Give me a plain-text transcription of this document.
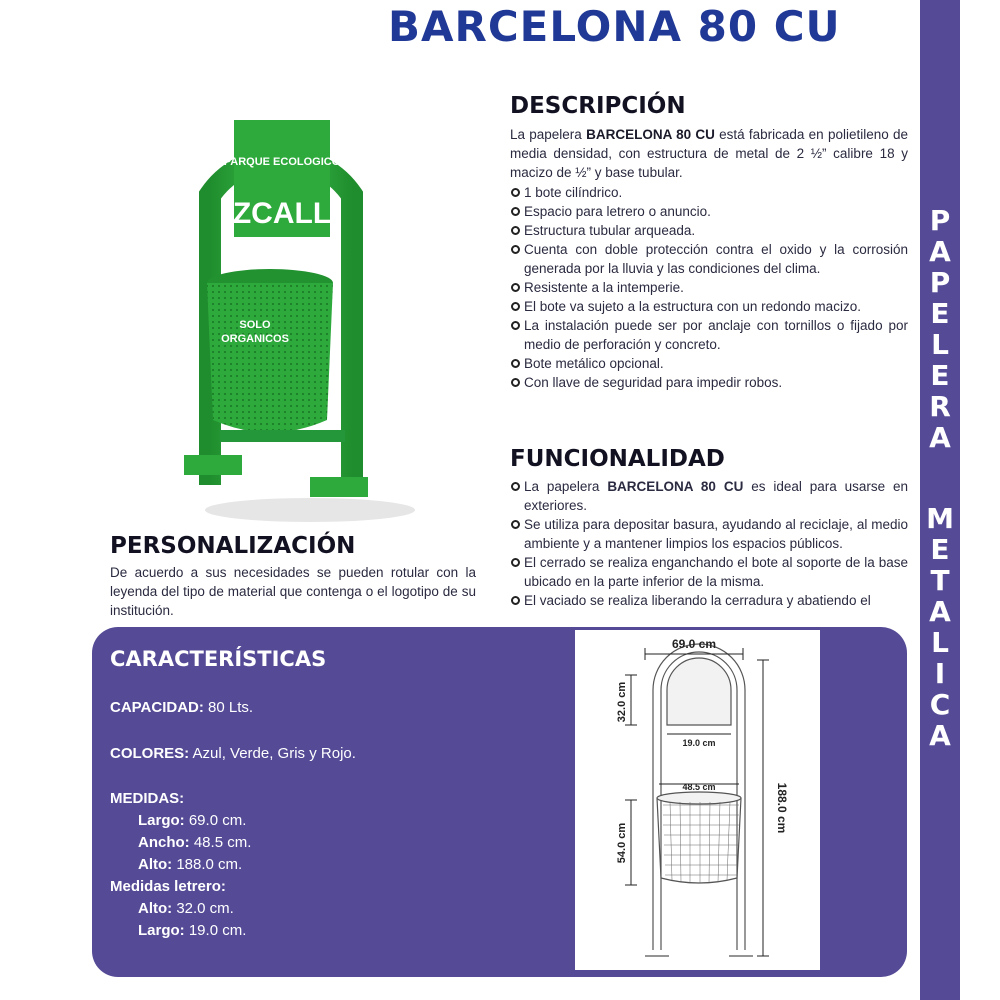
BARCELONA 80 CU
P
A
P
E
L
E
R
A
M
E
T
A
L
I
C
A
PARQUE ECOLOGICO
IZCALLI
SOLO
ORGANICOS
DESCRIPCIÓN

La papelera BARCELONA 80 CU está fabricada en polietileno de media densidad, con estructura de metal de 2 ½” calibre 18 y macizo de ½” y base tubular.

1 bote cilíndrico.
Espacio para letrero o anuncio.
Estructura tubular arqueada.
Cuenta con doble protección contra el oxido y la corrosión generada por la lluvia y las condiciones del clima.
Resistente a la intemperie.
El bote va sujeto a la estructura con un redondo macizo.
La instalación puede ser por anclaje con tornillos o fijado por medio de perforación y concreto.
Bote metálico opcional.
Con llave de seguridad para impedir robos.
FUNCIONALIDAD
La papelera BARCELONA 80 CU es ideal para usarse en exteriores.
Se utiliza para depositar basura, ayudando al reciclaje, al medio ambiente y a mantener limpios los espacios públicos.
El cerrado se realiza enganchando el bote al soporte de la base ubicado en la parte inferior de la misma.
El vaciado se realiza liberando la cerradura y abatiendo el
PERSONALIZACIÓN

De acuerdo a sus necesidades se pueden rotular con la leyenda del tipo de material que contenga o el logotipo de su institución.

CARACTERÍSTICAS
CAPACIDAD: 80 Lts.
COLORES: Azul, Verde, Gris y Rojo.
MEDIDAS:
Largo: 69.0 cm.
Ancho: 48.5 cm.
Alto: 188.0 cm.
Medidas letrero:
Alto: 32.0 cm.
Largo: 19.0 cm.
69.0 cm
32.0 cm
19.0 cm
48.5 cm
54.0 cm
188.0 cm
